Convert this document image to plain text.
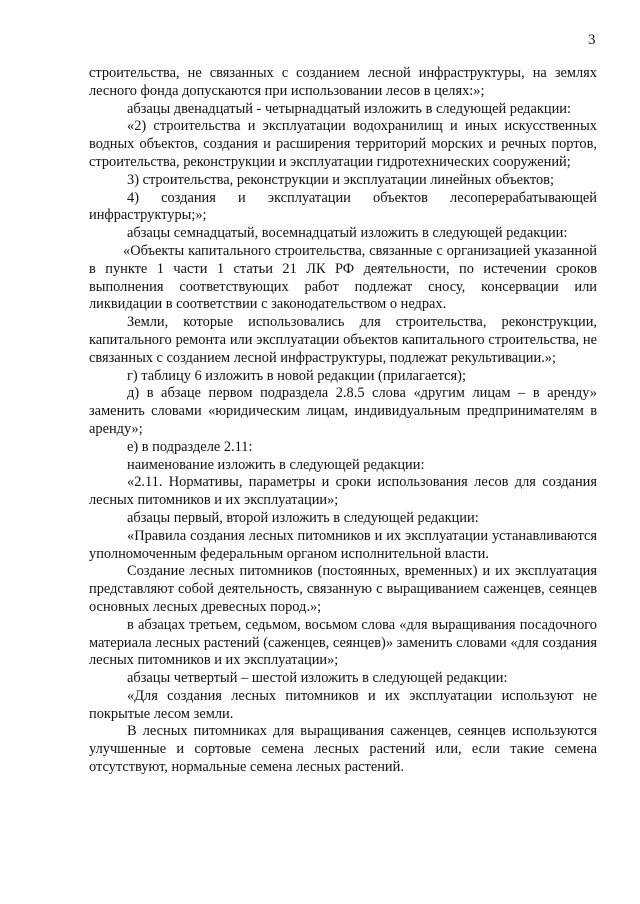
3

строительства, не связанных с созданием лесной инфраструктуры, на землях лесного фонда допускаются при использовании лесов в целях:»;

абзацы двенадцатый - четырнадцатый изложить в следующей редакции:

«2) строительства и эксплуатации водохранилищ и иных искусственных водных объектов, создания и расширения территорий морских и речных портов, строительства, реконструкции и эксплуатации гидротехнических сооружений;

3) строительства, реконструкции и эксплуатации линейных объектов;

4) создания и эксплуатации объектов лесоперерабатывающей инфраструктуры;»;

абзацы семнадцатый, восемнадцатый изложить в следующей редакции:

«Объекты капитального строительства, связанные с организацией указанной в пункте 1 части 1 статьи 21 ЛК РФ деятельности, по истечении сроков выполнения соответствующих работ подлежат сносу, консервации или ликвидации в соответствии с законодательством о недрах.

Земли, которые использовались для строительства, реконструкции, капитального ремонта или эксплуатации объектов капитального строительства, не связанных с созданием лесной инфраструктуры, подлежат рекультивации.»;

г) таблицу 6 изложить в новой редакции (прилагается);

д) в абзаце первом подраздела 2.8.5 слова «другим лицам – в аренду» заменить словами «юридическим лицам, индивидуальным предпринимателям в аренду»;

е) в подразделе 2.11:

наименование изложить в следующей редакции:

«2.11. Нормативы, параметры и сроки использования лесов для создания лесных питомников и их эксплуатации»;

абзацы первый, второй изложить в следующей редакции:

«Правила создания лесных питомников и их эксплуатации устанавливаются уполномоченным федеральным органом исполнительной власти.

Создание лесных питомников (постоянных, временных) и их эксплуатация представляют собой деятельность, связанную с выращиванием саженцев, сеянцев основных лесных древесных пород.»;

в абзацах третьем, седьмом, восьмом слова «для выращивания посадочного материала лесных растений (саженцев, сеянцев)» заменить словами «для создания лесных питомников и их эксплуатации»;

абзацы четвертый – шестой изложить в следующей редакции:

«Для создания лесных питомников и их эксплуатации используют не покрытые лесом земли.

В лесных питомниках для выращивания саженцев, сеянцев используются улучшенные и сортовые семена лесных растений или, если такие семена отсутствуют, нормальные семена лесных растений.
